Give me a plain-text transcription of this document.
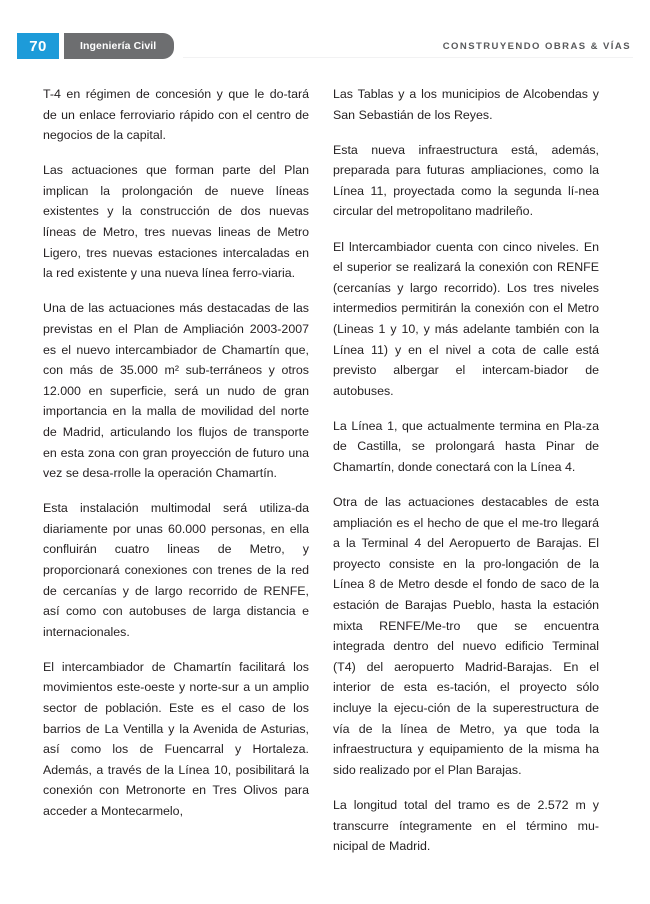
70	Ingeniería Civil	CONSTRUYENDO OBRAS & VÍAS

T-4 en régimen de concesión y que le do-tará de un enlace ferroviario rápido con el centro de negocios de la capital.

Las actuaciones que forman parte del Plan implican la prolongación de nueve líneas existentes y la construcción de dos nuevas líneas de Metro, tres nuevas lineas de Metro Ligero, tres nuevas estaciones intercaladas en la red existente y una nueva línea ferro-viaria.

Una de las actuaciones más destacadas de las previstas en el Plan de Ampliación 2003-2007 es el nuevo intercambiador de Chamartín que, con más de 35.000 m² sub-terráneos y otros 12.000 en superficie, será un nudo de gran importancia en la malla de movilidad del norte de Madrid, articulando los flujos de transporte en esta zona con gran proyección de futuro una vez se desa-rrolle la operación Chamartín.

Esta instalación multimodal será utiliza-da diariamente por unas 60.000 personas, en ella confluirán cuatro lineas de Metro, y proporcionará conexiones con trenes de la red de cercanías y de largo recorrido de RENFE, así como con autobuses de larga distancia e internacionales.

El intercambiador de Chamartín facilitará los movimientos este-oeste y norte-sur a un amplio sector de población. Este es el caso de los barrios de La Ventilla y la Avenida de Asturias, así como los de Fuencarral y Hortaleza. Además, a través de la Línea 10, posibilitará la conexión con Metronorte en Tres Olivos para acceder a Montecarmelo,

Las Tablas y a los municipios de Alcobendas y San Sebastián de los Reyes.

Esta nueva infraestructura está, además, preparada para futuras ampliaciones, como la Línea 11, proyectada como la segunda lí-nea circular del metropolitano madrileño.

El lntercambiador cuenta con cinco niveles. En el superior se realizará la conexión con RENFE (cercanías y largo recorrido). Los tres niveles intermedios permitirán la conexión con el Metro (Lineas 1 y 10, y más adelante también con la Línea 11) y en el nivel a cota de calle está previsto albergar el intercam-biador de autobuses.

La Línea 1, que actualmente termina en Pla-za de Castilla, se prolongará hasta Pinar de Chamartín, donde conectará con la Línea 4.

Otra de las actuaciones destacables de esta ampliación es el hecho de que el me-tro llegará a la Terminal 4 del Aeropuerto de Barajas. El proyecto consiste en la pro-longación de la Línea 8 de Metro desde el fondo de saco de la estación de Barajas Pueblo, hasta la estación mixta RENFE/Me-tro que se encuentra integrada dentro del nuevo edificio Terminal (T4) del aeropuerto Madrid-Barajas. En el interior de esta es-tación, el proyecto sólo incluye la ejecu-ción de la superestructura de vía de la línea de Metro, ya que toda la infraestructura y equipamiento de la misma ha sido realizado por el Plan Barajas.

La longitud total del tramo es de 2.572 m y transcurre íntegramente en el término mu-nicipal de Madrid.
